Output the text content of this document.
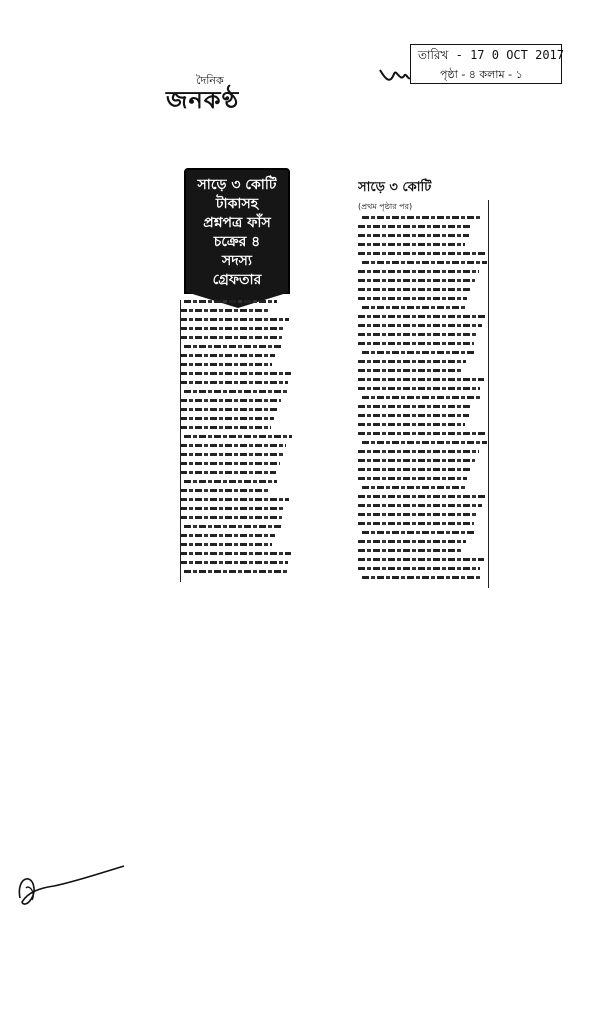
দৈনিক
জনকণ্ঠ
তারিখ - 17 0 OCT 2017
পৃষ্ঠা - ৪ কলাম - ১
সাড়ে ৩ কোটি
টাকাসহ
প্রশ্নপত্র ফাঁস
চক্রের ৪
সদস্য
গ্রেফতার
সাড়ে ৩ কোটি
(প্রথম পৃষ্ঠার পর)
